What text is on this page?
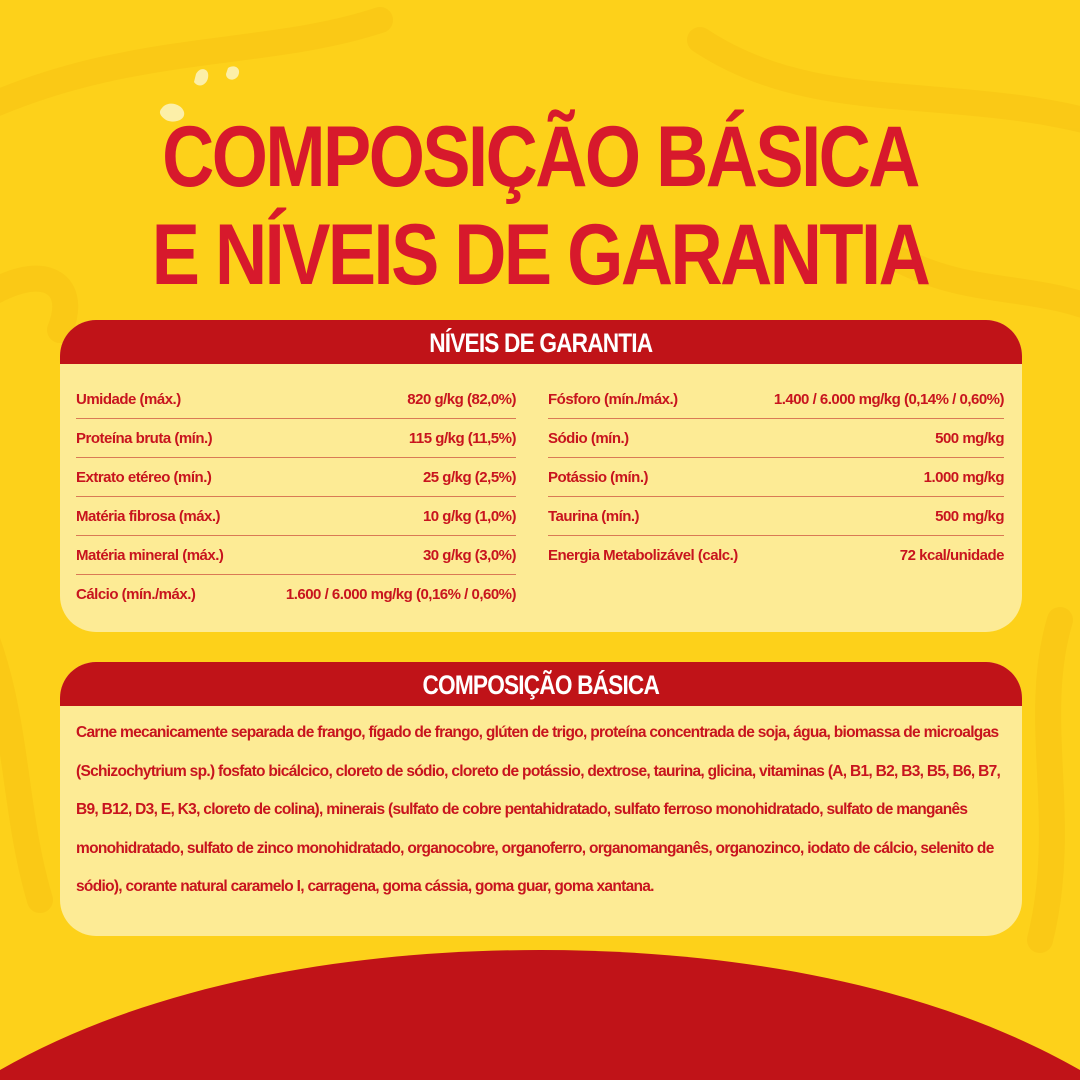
COMPOSIÇÃO BÁSICA
E NÍVEIS DE GARANTIA
NÍVEIS DE GARANTIA
Umidade (máx.)	820 g/kg (82,0%)
Proteína bruta (mín.)	115 g/kg (11,5%)
Extrato etéreo (mín.)	25 g/kg (2,5%)
Matéria fibrosa (máx.)	10 g/kg (1,0%)
Matéria mineral (máx.)	30 g/kg (3,0%)
Cálcio (mín./máx.)	1.600 / 6.000 mg/kg (0,16% / 0,60%)
Fósforo (mín./máx.)	1.400 / 6.000 mg/kg (0,14% / 0,60%)
Sódio (mín.)	500 mg/kg
Potássio (mín.)	1.000 mg/kg
Taurina (mín.)	500 mg/kg
Energia Metabolizável (calc.)	72 kcal/unidade
COMPOSIÇÃO BÁSICA

Carne mecanicamente separada de frango, fígado de frango, glúten de trigo, proteína concentrada de soja, água, biomassa de microalgas (Schizochytrium sp.) fosfato bicálcico, cloreto de sódio, cloreto de potássio, dextrose, taurina, glicina, vitaminas (A, B1, B2, B3, B5, B6, B7, B9, B12, D3, E, K3, cloreto de colina), minerais (sulfato de cobre pentahidratado, sulfato ferroso monohidratado, sulfato de manganês monohidratado, sulfato de zinco monohidratado, organocobre, organoferro, organomanganês, organozinco, iodato de cálcio, selenito de sódio), corante natural caramelo I, carragena, goma cássia, goma guar, goma xantana.
